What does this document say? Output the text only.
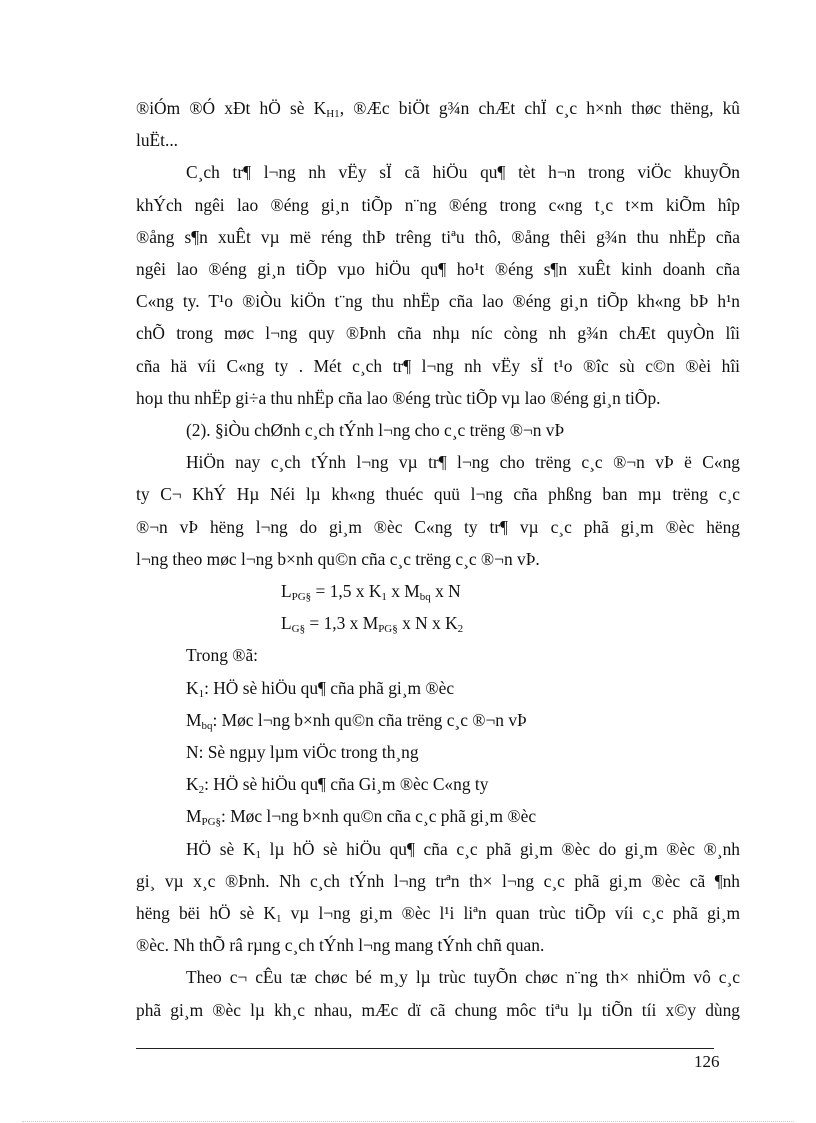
®iÓm ®Ó xÐt hÖ sè $K_{H1}$, ®Æc biÖt g¾n chÆt chÏ c¸c h×nh thøc thëng, kû

luËt...

C¸ch tr¶ l¬ng nh vËy sÏ cã hiÖu qu¶ tèt h¬n trong viÖc khuyÕn

khÝch ngêi lao ®éng gi¸n tiÕp n¨ng ®éng trong c«ng t¸c t×m kiÕm hîp

®ång s¶n xuÊt vµ më réng thÞ trêng tiªu thô, ®ång thêi g¾n thu nhËp cña

ngêi lao ®éng gi¸n tiÕp vµo hiÖu qu¶ ho¹t ®éng s¶n xuÊt kinh doanh cña

C«ng ty. T¹o ®iÒu kiÖn t¨ng thu nhËp cña lao ®éng gi¸n tiÕp kh«ng bÞ h¹n

chÕ trong møc l¬ng quy ®Þnh cña nhµ níc còng nh g¾n chÆt quyÒn lîi

cña hä víi C«ng ty . Mét c¸ch tr¶ l¬ng nh vËy sÏ t¹o ®îc sù c©n ®èi hîi

hoµ thu nhËp gi÷a thu nhËp cña lao ®éng trùc tiÕp vµ lao ®éng gi¸n tiÕp.

(2). §iÒu chØnh c¸ch tÝnh l¬ng cho c¸c trëng ®¬n vÞ

HiÖn nay c¸ch tÝnh l¬ng vµ tr¶ l¬ng cho trëng c¸c ®¬n vÞ ë C«ng

ty C¬ KhÝ Hµ Néi lµ kh«ng thuéc quü l¬ng cña phßng ban mµ trëng c¸c

®¬n vÞ hëng l¬ng do gi¸m ®èc C«ng ty tr¶ vµ c¸c phã gi¸m ®èc hëng

l¬ng theo møc l¬ng b×nh qu©n cña c¸c trëng c¸c ®¬n vÞ.

$L_{PG\S} = 1,5$ x $K_1$ x $M_{bq}$ x N

$L_{G\S} = 1,3$ x $M_{PG\S}$ x N x $K_2$

Trong ®ã:

$K_1$: HÖ sè hiÖu qu¶ cña phã gi¸m ®èc

$M_{bq}$: Møc l¬ng b×nh qu©n cña trëng c¸c ®¬n vÞ

N: Sè ngµy lµm viÖc trong th¸ng

$K_2$: HÖ sè hiÖu qu¶ cña Gi¸m ®èc C«ng ty

$M_{PG\S}$: Møc l¬ng b×nh qu©n cña c¸c phã gi¸m ®èc

HÖ sè $K_1$ lµ hÖ sè hiÖu qu¶ cña c¸c phã gi¸m ®èc do gi¸m ®èc ®¸nh

gi¸ vµ x¸c ®Þnh. Nh c¸ch tÝnh l¬ng trªn th× l¬ng c¸c phã gi¸m ®èc cã ¶nh

hëng bëi hÖ sè $K_1$ vµ l¬ng gi¸m ®èc l¹i liªn quan trùc tiÕp víi c¸c phã gi¸m

®èc. Nh thÕ râ rµng c¸ch tÝnh l¬ng mang tÝnh chñ quan.

Theo c¬ cÊu tæ chøc bé m¸y lµ trùc tuyÕn chøc n¨ng th× nhiÖm vô c¸c

phã gi¸m ®èc lµ kh¸c nhau, mÆc dï cã chung môc tiªu lµ tiÕn tíi x©y dùng

126
